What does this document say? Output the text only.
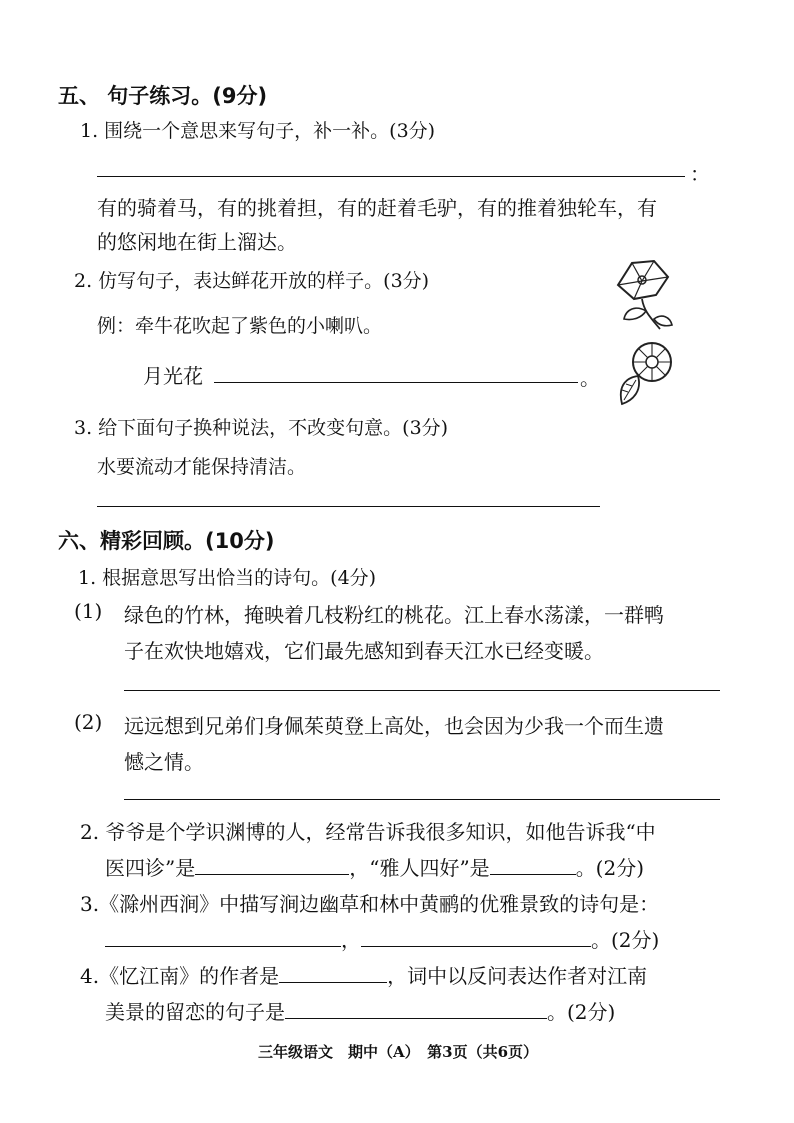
五、 句子练习。(9分)
1. 围绕一个意思来写句子，补一补。(3分)
：
有的骑着马，有的挑着担，有的赶着毛驴，有的推着独轮车，有
的悠闲地在街上溜达。
2. 仿写句子，表达鲜花开放的样子。(3分)
例：牵牛花吹起了紫色的小喇叭。
月光花	。
3. 给下面句子换种说法，不改变句意。(3分)
水要流动才能保持清洁。
六、精彩回顾。(10分)
1. 根据意思写出恰当的诗句。(4分)
(1) 绿色的竹林，掩映着几枝粉红的桃花。江上春水荡漾，一群鸭
子在欢快地嬉戏，它们最先感知到春天江水已经变暖。
(2) 远远想到兄弟们身佩茱萸登上高处，也会因为少我一个而生遗
憾之情。
2. 爷爷是个学识渊博的人，经常告诉我很多知识，如他告诉我“中
医四诊”是	，“雅人四好”是	。(2分)
3.《滁州西涧》中描写涧边幽草和林中黄鹂的优雅景致的诗句是：
，	。(2分)
4.《忆江南》的作者是	，词中以反问表达作者对江南
美景的留恋的句子是	。(2分)
三年级语文　期中（A）　第3页（共6页）
